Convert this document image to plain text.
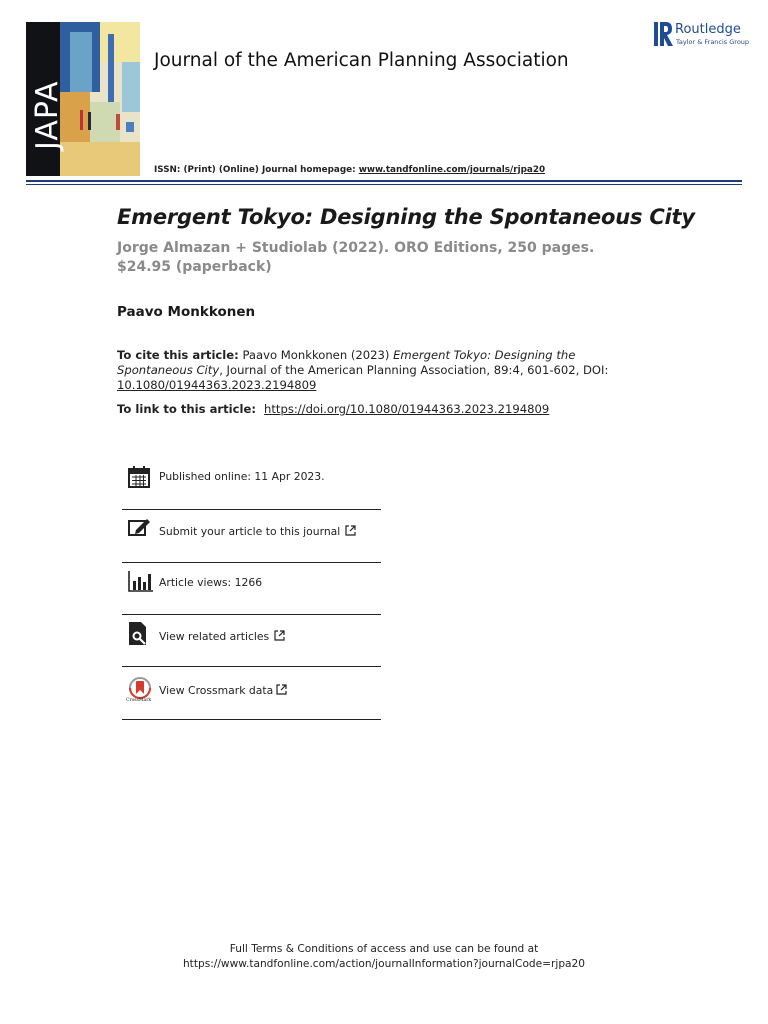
JAPA
Journal of the American Planning Association
Routledge
Taylor & Francis Group
ISSN: (Print) (Online) Journal homepage: www.tandfonline.com/journals/rjpa20
Emergent Tokyo: Designing the Spontaneous City
Jorge Almazan + Studiolab (2022). ORO Editions, 250 pages. $24.95 (paperback)
Paavo Monkkonen
To cite this article: Paavo Monkkonen (2023) Emergent Tokyo: Designing the Spontaneous City, Journal of the American Planning Association, 89:4, 601-602, DOI:
10.1080/01944363.2023.2194809
To link to this article: https://doi.org/10.1080/01944363.2023.2194809
Published online: 11 Apr 2023.
Submit your article to this journal
Article views: 1266
View related articles
CrossMark
View Crossmark data
Full Terms & Conditions of access and use can be found at
https://www.tandfonline.com/action/journalInformation?journalCode=rjpa20
